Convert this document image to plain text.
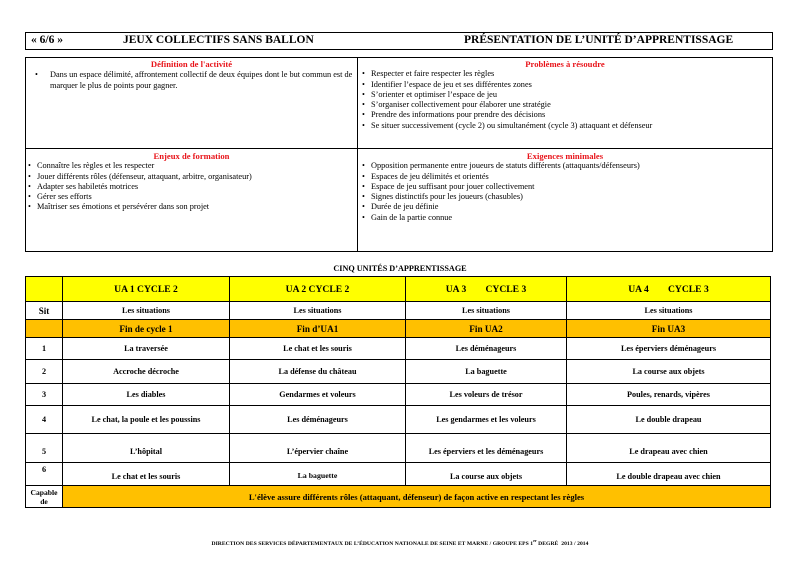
« 6/6 »	JEUX COLLECTIFS SANS BALLON	PRÉSENTATION DE L’UNITÉ D’APPRENTISSAGE
Définition de l'activité
• Dans un espace délimité, affrontement collectif de deux équipes dont le but commun est de marquer le plus de points pour gagner.
Problèmes à résoudre
• Respecter et faire respecter les règles
• Identifier l’espace de jeu et ses différentes zones
• S’orienter et optimiser l’espace de jeu
• S’organiser collectivement pour élaborer une stratégie
• Prendre des informations pour prendre des décisions
• Se situer successivement (cycle 2) ou simultanément (cycle 3) attaquant et défenseur
Enjeux de formation
• Connaître les règles et les respecter
• Jouer différents rôles (défenseur, attaquant, arbitre, organisateur)
• Adapter ses habiletés motrices
• Gérer ses efforts
• Maîtriser ses émotions et persévérer dans son projet
Exigences minimales
• Opposition permanente entre joueurs de statuts différents (attaquants/défenseurs)
• Espaces de jeu délimités et orientés
• Espace de jeu suffisant pour jouer collectivement
• Signes distinctifs pour les joueurs (chasubles)
• Durée de jeu définie
• Gain de la partie connue
CINQ UNITÉS D’APPRENTISSAGE
	UA 1 CYCLE 2	UA 2 CYCLE 2	UA 3        CYCLE 3	UA 4        CYCLE 3
Sit	Les situations	Les situations	Les situations	Les situations
	Fin de cycle 1	Fin d’UA1	Fin UA2	Fin UA3
1	La traversée	Le chat et les souris	Les déménageurs	Les éperviers déménageurs
2	Accroche décroche	La défense du château	La baguette	La course aux objets
3	Les diables	Gendarmes et voleurs	Les voleurs de trésor	Poules, renards, vipères
4	Le chat, la poule et les poussins	Les déménageurs	Les gendarmes et les voleurs	Le double drapeau
5	L’hôpital	L’épervier chaîne	Les éperviers et les déménageurs	Le drapeau avec chien
6	Le chat et les souris	La baguette	La course aux objets	Le double drapeau avec chien
Capable de	L'élève assure différents rôles (attaquant, défenseur) de façon active en respectant les règles			
DIRECTION DES SERVICES DÉPARTEMENTAUX DE L’ÉDUCATION NATIONALE DE SEINE ET MARNE / GROUPE EPS 1er DEGRÉ  2013 / 2014
